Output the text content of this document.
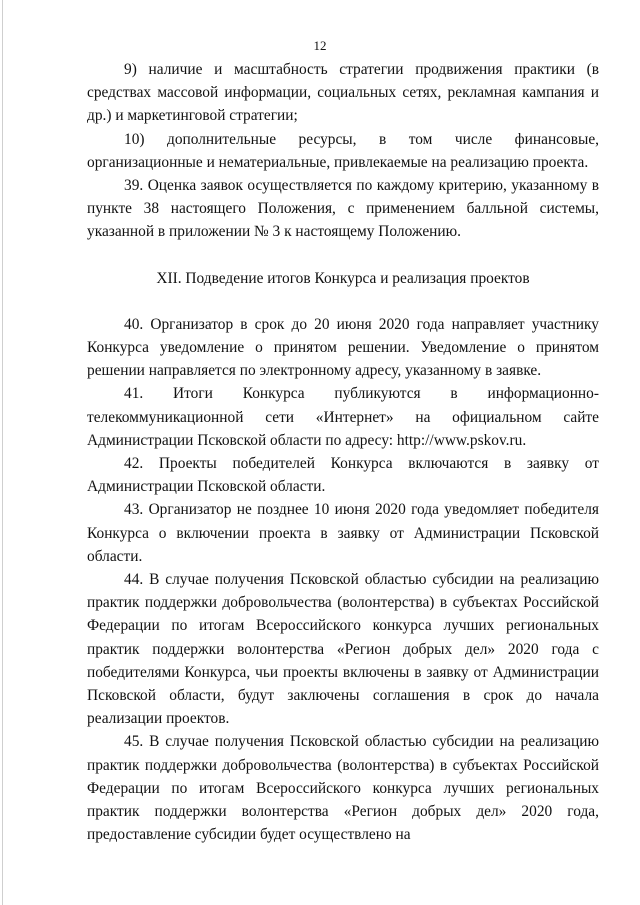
12

9) наличие и масштабность стратегии продвижения практики (в средствах массовой информации, социальных сетях, рекламная кампания и др.) и маркетинговой стратегии;

10) дополнительные ресурсы, в том числе финансовые, организационные и нематериальные, привлекаемые на реализацию проекта.

39. Оценка заявок осуществляется по каждому критерию, указанному в пункте 38 настоящего Положения, с применением балльной системы, указанной в приложении № 3 к настоящему Положению.

XII. Подведение итогов Конкурса и реализация проектов

40. Организатор в срок до 20 июня 2020 года направляет участнику Конкурса уведомление о принятом решении. Уведомление о принятом решении направляется по электронному адресу, указанному в заявке.

41. Итоги Конкурса публикуются в информационно-телекоммуникационной сети «Интернет» на официальном сайте Администрации Псковской области по адресу: http://www.pskov.ru.

42. Проекты победителей Конкурса включаются в заявку от Администрации Псковской области.

43. Организатор не позднее 10 июня 2020 года уведомляет победителя Конкурса о включении проекта в заявку от Администрации Псковской области.

44. В случае получения Псковской областью субсидии на реализацию практик поддержки добровольчества (волонтерства) в субъектах Российской Федерации по итогам Всероссийского конкурса лучших региональных практик поддержки волонтерства «Регион добрых дел» 2020 года с победителями Конкурса, чьи проекты включены в заявку от Администрации Псковской области, будут заключены соглашения в срок до начала реализации проектов.

45. В случае получения Псковской областью субсидии на реализацию практик поддержки добровольчества (волонтерства) в субъектах Российской Федерации по итогам Всероссийского конкурса лучших региональных практик поддержки волонтерства «Регион добрых дел» 2020 года, предоставление субсидии будет осуществлено на
